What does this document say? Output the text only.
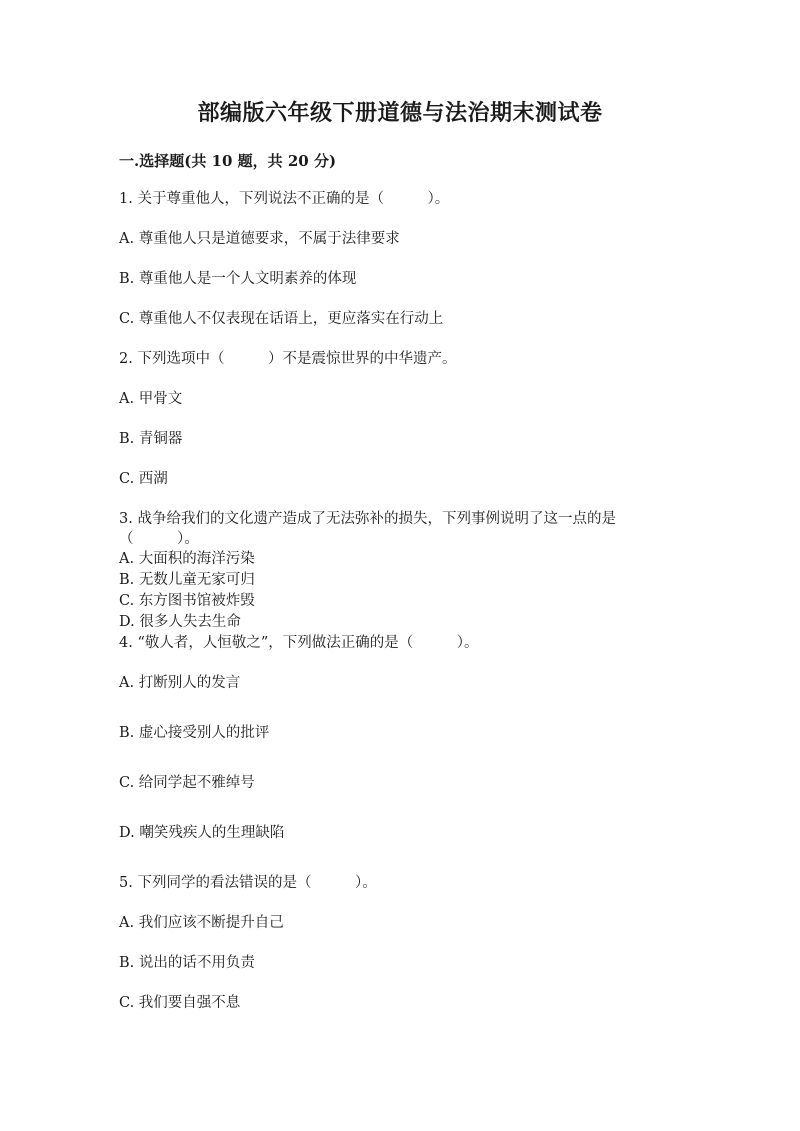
部编版六年级下册道德与法治期末测试卷
一.选择题(共 10 题，共 20 分)
1. 关于尊重他人，下列说法不正确的是（　　　）。
A. 尊重他人只是道德要求，不属于法律要求
B. 尊重他人是一个人文明素养的体现
C. 尊重他人不仅表现在话语上，更应落实在行动上
2. 下列选项中（　　　）不是震惊世界的中华遗产。
A. 甲骨文
B. 青铜器
C. 西湖
3. 战争给我们的文化遗产造成了无法弥补的损失，下列事例说明了这一点的是
（　　　）。
A. 大面积的海洋污染
B. 无数儿童无家可归
C. 东方图书馆被炸毁
D. 很多人失去生命
4. “敬人者，人恒敬之”，下列做法正确的是（　　　）。
A. 打断别人的发言
B. 虚心接受别人的批评
C. 给同学起不雅绰号
D. 嘲笑残疾人的生理缺陷
5. 下列同学的看法错误的是（　　　）。
A. 我们应该不断提升自己
B. 说出的话不用负责
C. 我们要自强不息
